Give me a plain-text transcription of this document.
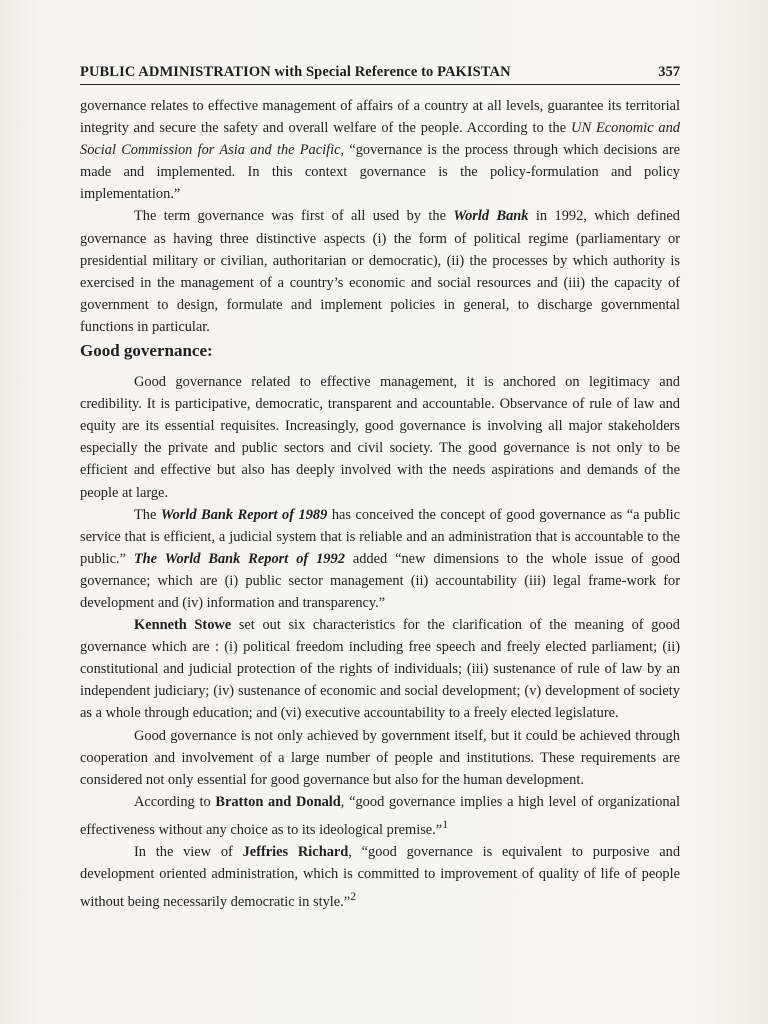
PUBLIC ADMINISTRATION with Special Reference to PAKISTAN	357

governance relates to effective management of affairs of a country at all levels, guarantee its territorial integrity and secure the safety and overall welfare of the people. According to the UN Economic and Social Commission for Asia and the Pacific, “governance is the process through which decisions are made and implemented. In this context governance is the policy-formulation and policy implementation.”

The term governance was first of all used by the World Bank in 1992, which defined governance as having three distinctive aspects (i) the form of political regime (parliamentary or presidential military or civilian, authoritarian or democratic), (ii) the processes by which authority is exercised in the management of a country’s economic and social resources and (iii) the capacity of government to design, formulate and implement policies in general, to discharge governmental functions in particular.

Good governance:

Good governance related to effective management, it is anchored on legitimacy and credibility. It is participative, democratic, transparent and accountable. Observance of rule of law and equity are its essential requisites. Increasingly, good governance is involving all major stakeholders especially the private and public sectors and civil society. The good governance is not only to be efficient and effective but also has deeply involved with the needs aspirations and demands of the people at large.

The World Bank Report of 1989 has conceived the concept of good governance as “a public service that is efficient, a judicial system that is reliable and an administration that is accountable to the public.” The World Bank Report of 1992 added “new dimensions to the whole issue of good governance; which are (i) public sector management (ii) accountability (iii) legal frame-work for development and (iv) information and transparency.”

Kenneth Stowe set out six characteristics for the clarification of the meaning of good governance which are : (i) political freedom including free speech and freely elected parliament; (ii) constitutional and judicial protection of the rights of individuals; (iii) sustenance of rule of law by an independent judiciary; (iv) sustenance of economic and social development; (v) development of society as a whole through education; and (vi) executive accountability to a freely elected legislature.

Good governance is not only achieved by government itself, but it could be achieved through cooperation and involvement of a large number of people and institutions. These requirements are considered not only essential for good governance but also for the human development.

According to Bratton and Donald, “good governance implies a high level of organizational effectiveness without any choice as to its ideological premise.”$^1$

In the view of Jeffries Richard, “good governance is equivalent to purposive and development oriented administration, which is committed to improvement of quality of life of people without being necessarily democratic in style.”$^2$
